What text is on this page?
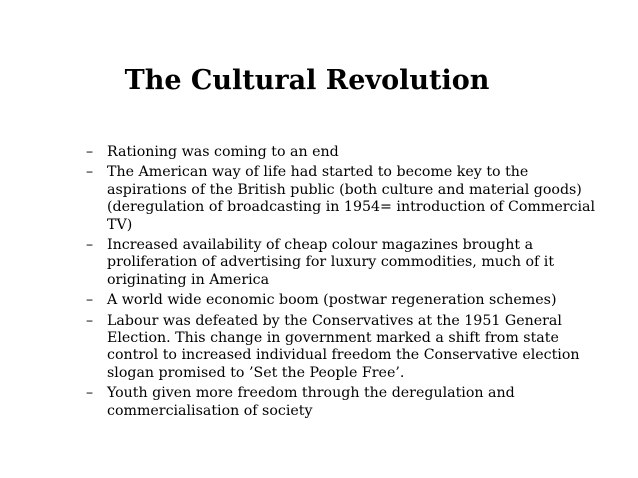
The Cultural Revolution
– Rationing was coming to an end
– The American way of life had started to become key to the aspirations of the British public (both culture and material goods) (deregulation of broadcasting in 1954= introduction of Commercial TV)
– Increased availability of cheap colour magazines brought a proliferation of advertising for luxury commodities, much of it originating in America
– A world wide economic boom (postwar regeneration schemes)
– Labour was defeated by the Conservatives at the 1951 General Election. This change in government marked a shift from state control to increased individual freedom the Conservative election slogan promised to ’Set the People Free’.
– Youth given more freedom through the deregulation and commercialisation of society
